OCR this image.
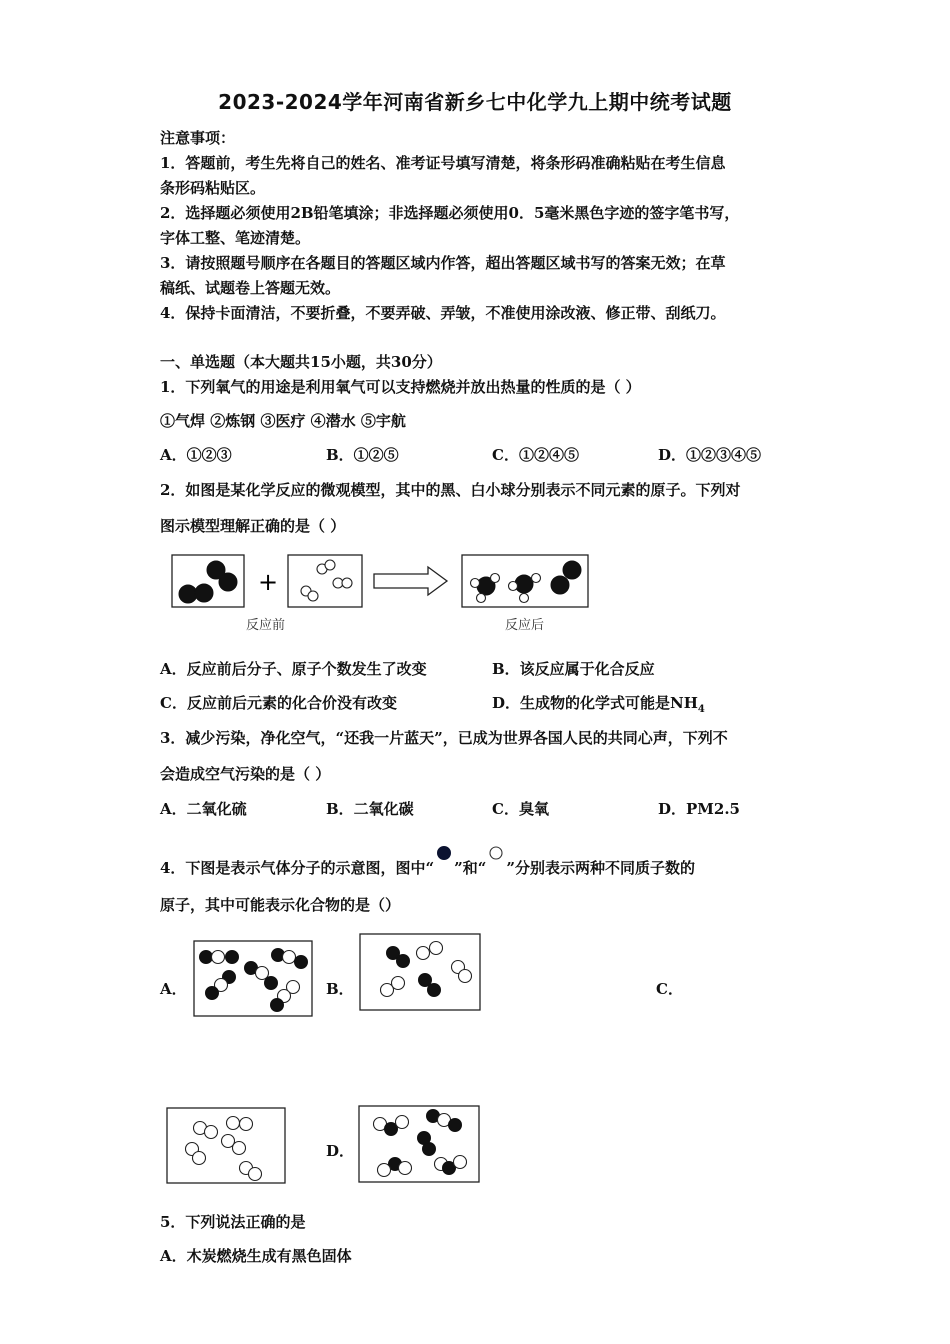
2023-2024学年河南省新乡七中化学九上期中统考试题
注意事项：
1．答题前，考生先将自己的姓名、准考证号填写清楚，将条形码准确粘贴在考生信息
条形码粘贴区。
2．选择题必须使用2B铅笔填涂；非选择题必须使用0．5毫米黑色字迹的签字笔书写，
字体工整、笔迹清楚。
3．请按照题号顺序在各题目的答题区域内作答，超出答题区域书写的答案无效；在草
稿纸、试题卷上答题无效。
4．保持卡面清洁，不要折叠，不要弄破、弄皱，不准使用涂改液、修正带、刮纸刀。
一、单选题（本大题共15小题，共30分）
1．下列氧气的用途是利用氧气可以支持燃烧并放出热量的性质的是（ ）
①气焊 ②炼钢 ③医疗 ④潜水 ⑤宇航
A．①②③	B．①②⑤	C．①②④⑤	D．①②③④⑤
2．如图是某化学反应的微观模型，其中的黑、白小球分别表示不同元素的原子。下列对
图示模型理解正确的是（ ）
+
反应前	反应后
A．反应前后分子、原子个数发生了改变	B．该反应属于化合反应
C．反应前后元素的化合价没有改变	D．生成物的化学式可能是$NH_4$
3．减少污染，净化空气，“还我一片蓝天”，已成为世界各国人民的共同心声，下列不
会造成空气污染的是（ ）
A．二氧化硫	B．二氧化碳	C．臭氧	D．PM2.5
4．下图是表示气体分子的示意图，图中“ ”和“ ”分别表示两种不同质子数的
原子，其中可能表示化合物的是（）
A．	B．	C．
D．
5．下列说法正确的是
A．木炭燃烧生成有黑色固体
